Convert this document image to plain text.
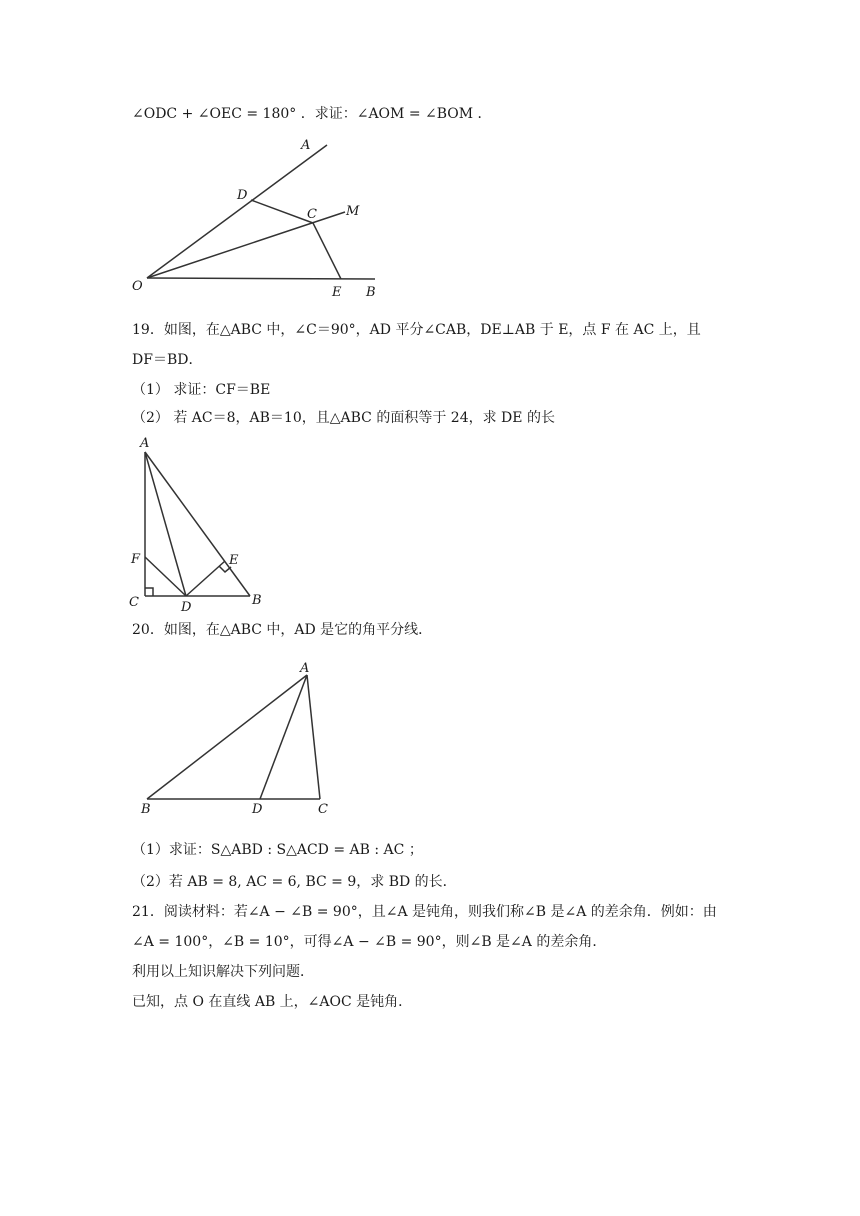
∠ODC + ∠OEC = 180° ．求证：∠AOM = ∠BOM ．
A
D
C M
O	E B
19．如图，在△ABC 中，∠C＝90°，AD 平分∠CAB，DE⊥AB 于 E，点 F 在 AC 上，且
DF＝BD．
（1） 求证：CF＝BE
（2） 若 AC＝8，AB＝10，且△ABC 的面积等于 24，求 DE 的长
A
F	E
C	D	B
20．如图，在△ABC 中，AD 是它的角平分线．
A
B	D	C
（1）求证：S△ABD : S△ACD = AB : AC ；
（2）若 AB = 8, AC = 6, BC = 9，求 BD 的长．
21．阅读材料：若∠A − ∠B = 90°，且∠A 是钝角，则我们称∠B 是∠A 的差余角．例如：由
∠A = 100°，∠B = 10°，可得∠A − ∠B = 90°，则∠B 是∠A 的差余角．
利用以上知识解决下列问题．
已知，点 O 在直线 AB 上，∠AOC 是钝角．
